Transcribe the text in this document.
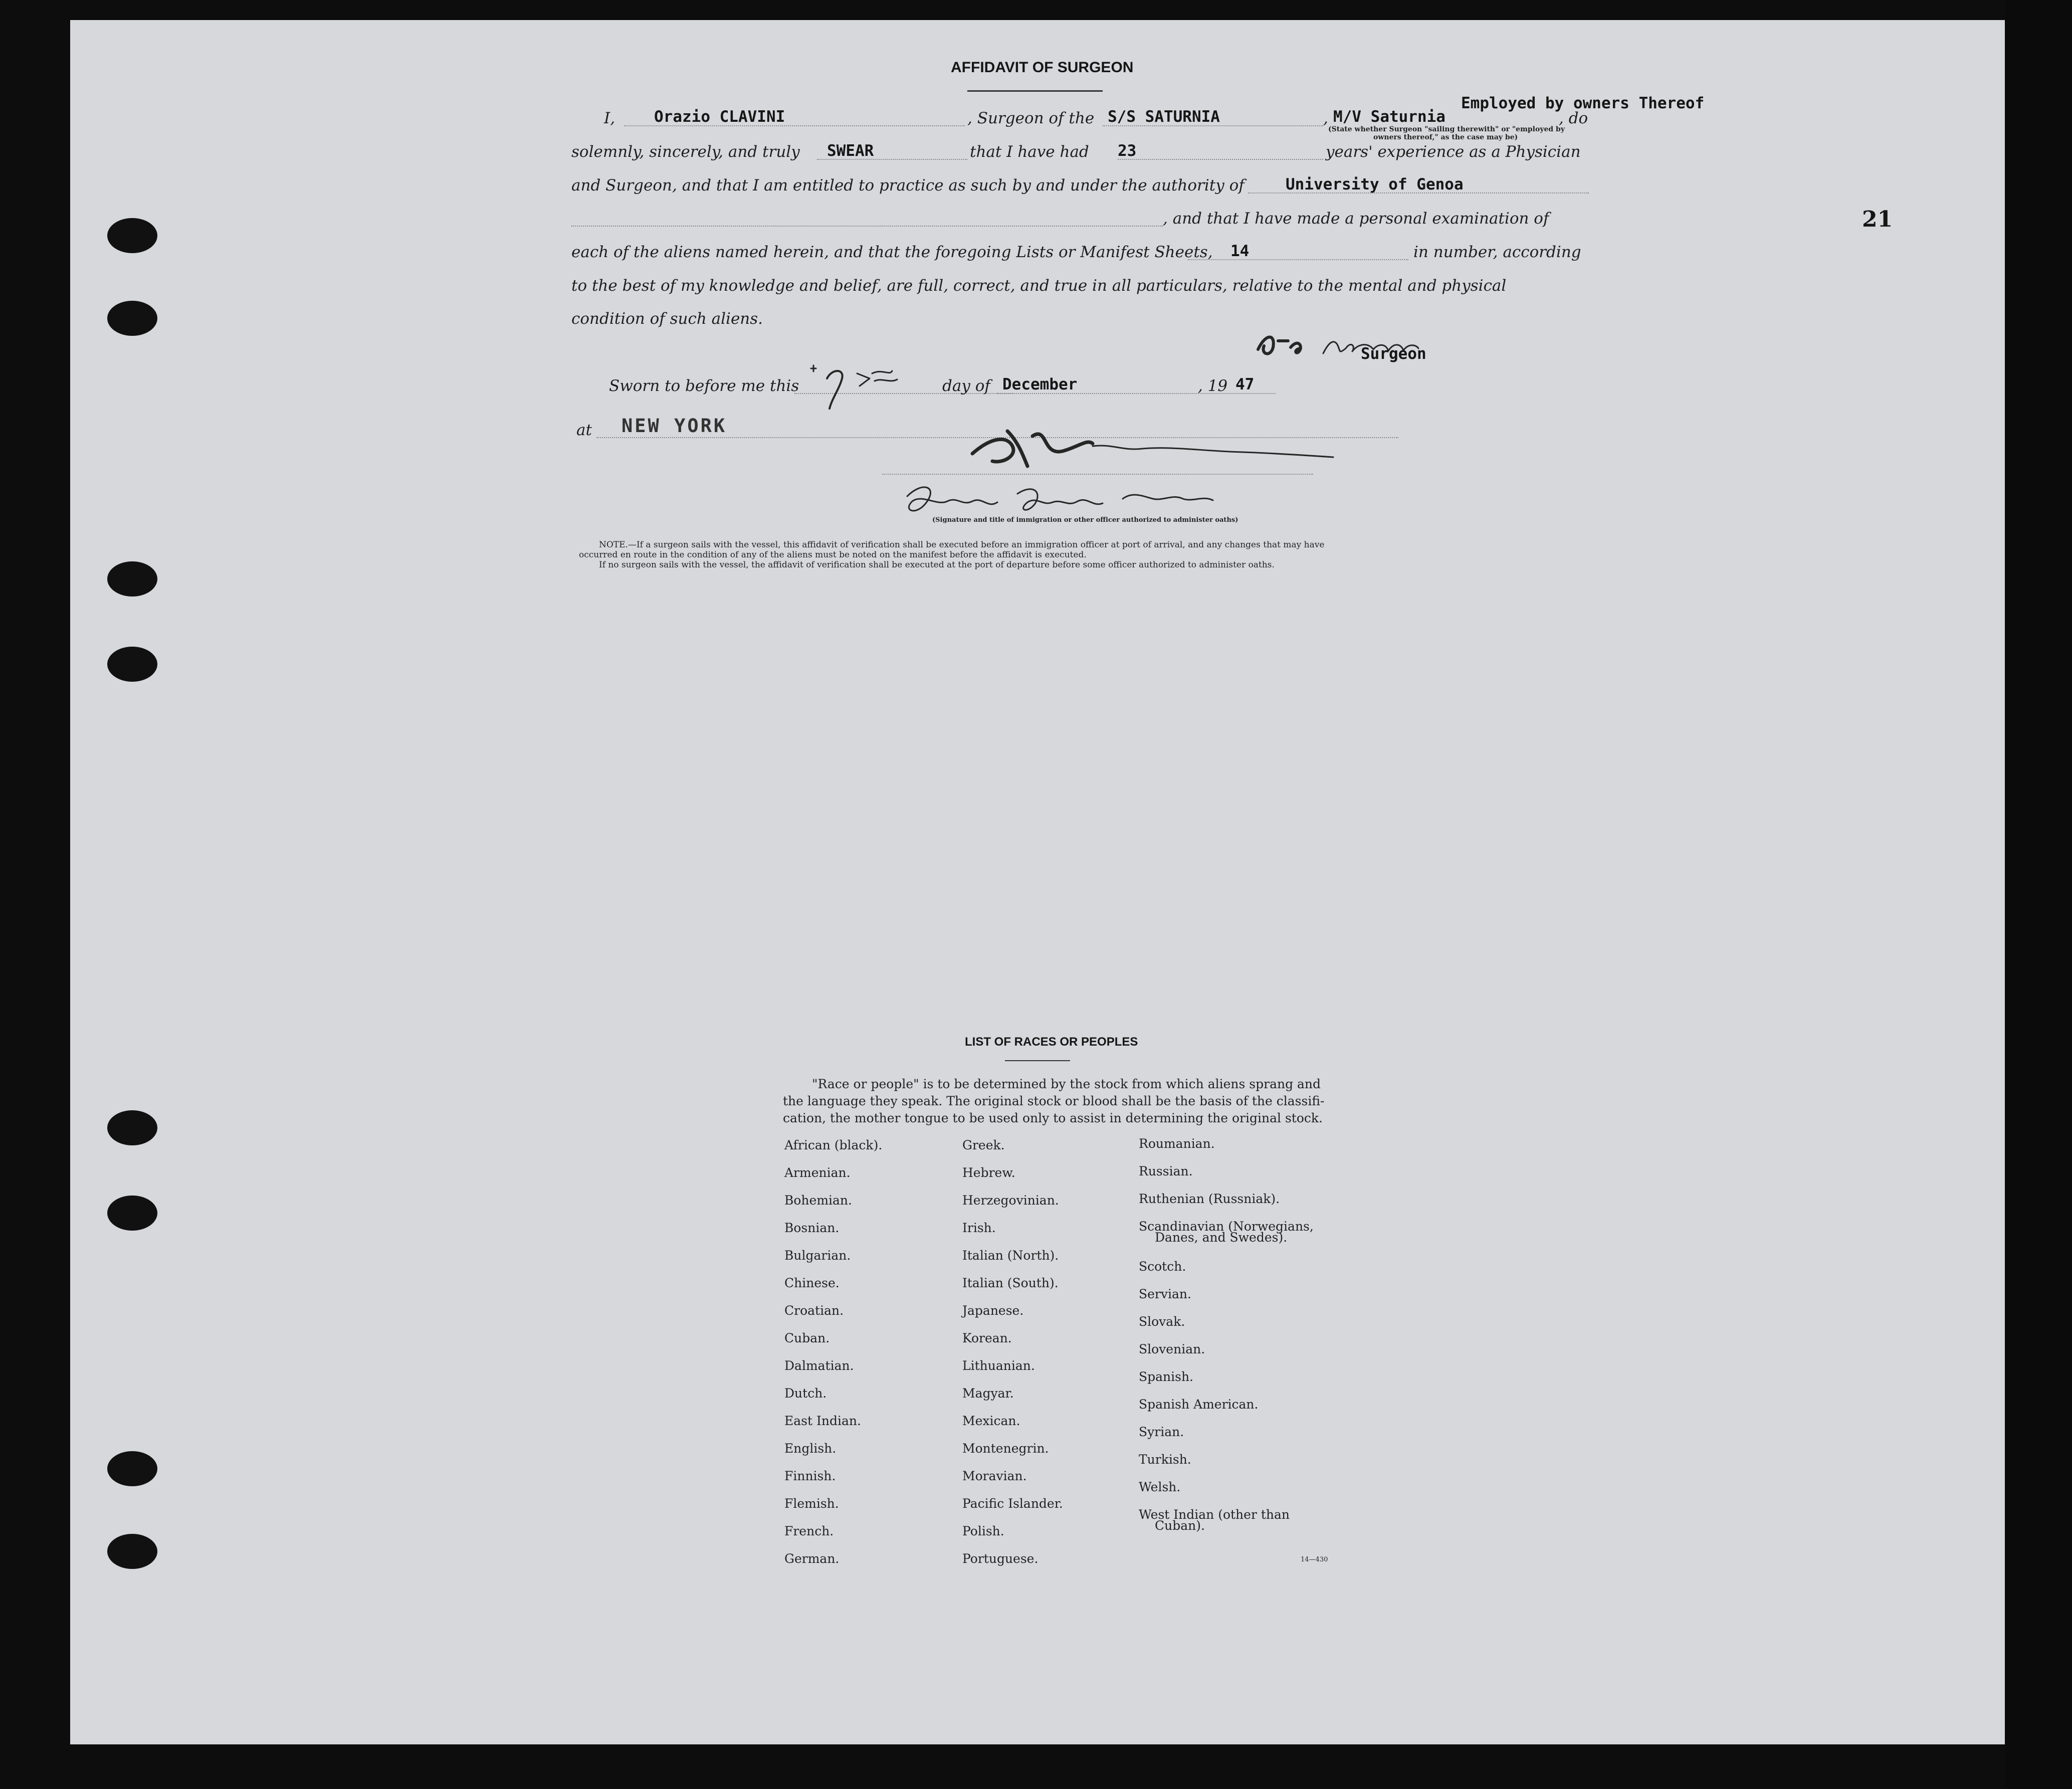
21
AFFIDAVIT OF SURGEON
I,	Orazio CLAVINI	, Surgeon of the S/S SATURNIA	, M/V Saturnia
Employed by owners Thereof
, do
(State whether Surgeon "sailing therewith" or "employed by
owners thereof," as the case may be)
solemnly, sincerely, and truly SWEAR	that I have had 23	years' experience as a Physician
and Surgeon, and that I am entitled to practice as such by and under the authority of	University of Genoa
, and that I have made a personal examination of
each of the aliens named herein, and that the foregoing Lists or Manifest Sheets, 14	in number, according
to the best of my knowledge and belief, are full, correct, and true in all particulars, relative to the mental and physical
condition of such aliens.
Surgeon
Sworn to before me this	day of December	, 19 47
at NEW YORK
(Signature and title of immigration or other officer authorized to administer oaths)
NOTE.—If a surgeon sails with the vessel, this affidavit of verification shall be executed before an immigration officer at port of arrival, and any changes that may have
occurred en route in the condition of any of the aliens must be noted on the manifest before the affidavit is executed.
If no surgeon sails with the vessel, the affidavit of verification shall be executed at the port of departure before some officer authorized to administer oaths.
LIST OF RACES OR PEOPLES
"Race or people" is to be determined by the stock from which aliens sprang and
the language they speak. The original stock or blood shall be the basis of the classifi-
cation, the mother tongue to be used only to assist in determining the original stock.
African (black).
Armenian.
Bohemian.
Bosnian.
Bulgarian.
Chinese.
Croatian.
Cuban.
Dalmatian.
Dutch.
East Indian.
English.
Finnish.
Flemish.
French.
German.
Greek.
Hebrew.
Herzegovinian.
Irish.
Italian (North).
Italian (South).
Japanese.
Korean.
Lithuanian.
Magyar.
Mexican.
Montenegrin.
Moravian.
Pacific Islander.
Polish.
Portuguese.
Roumanian.
Russian.
Ruthenian (Russniak).
Scandinavian (Norwegians,
Danes, and Swedes).
Scotch.
Servian.
Slovak.
Slovenian.
Spanish.
Spanish American.
Syrian.
Turkish.
Welsh.
West Indian (other than
Cuban).
14—430
